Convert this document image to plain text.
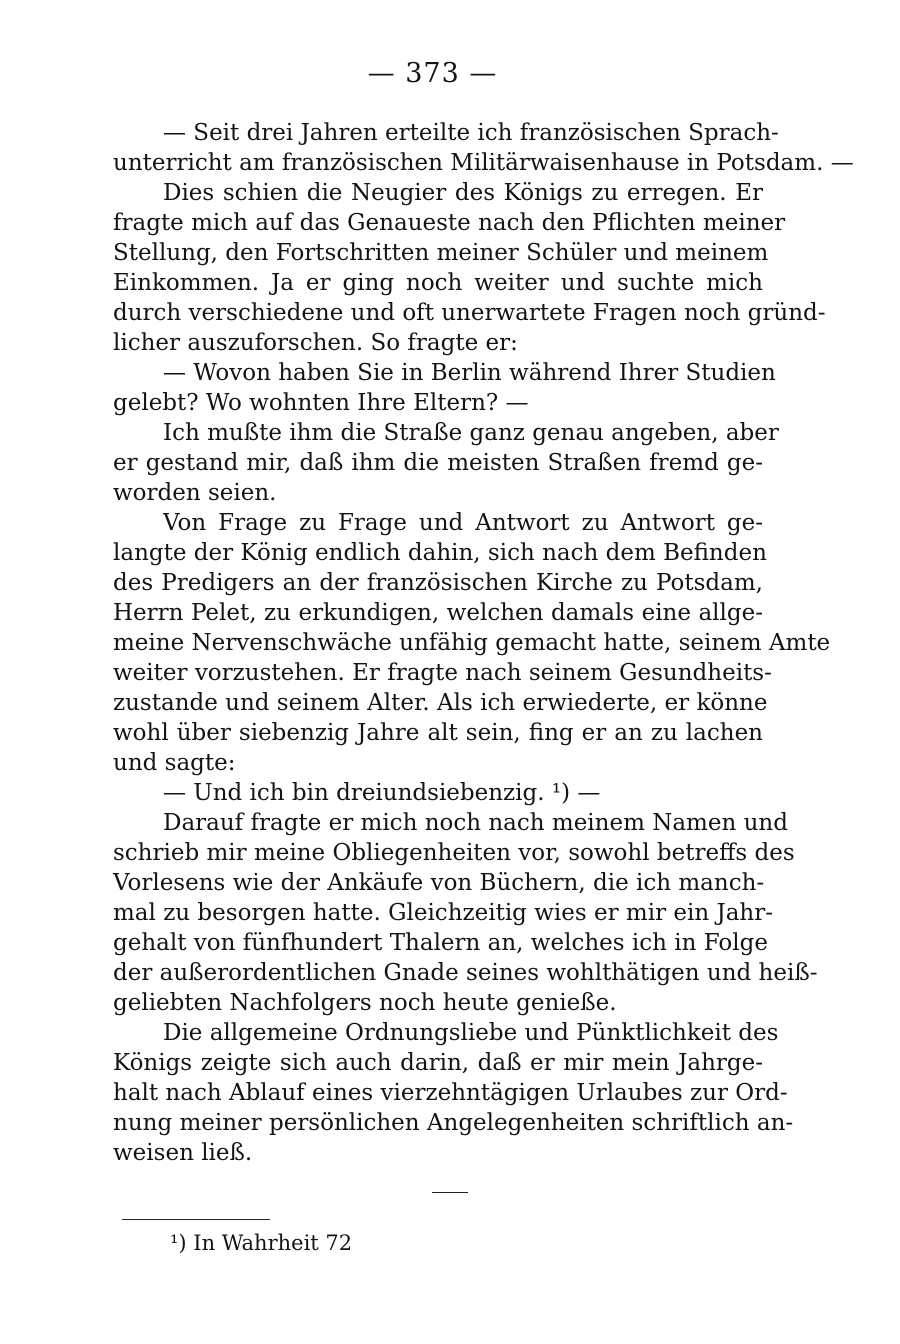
— 373 —
— Seit drei Jahren erteilte ich französischen Sprach-
unterricht am französischen Militärwaisenhause in Potsdam. —
Dies schien die Neugier des Königs zu erregen. Er
fragte mich auf das Genaueste nach den Pflichten meiner
Stellung, den Fortschritten meiner Schüler und meinem
Einkommen. Ja er ging noch weiter und suchte mich
durch verschiedene und oft unerwartete Fragen noch gründ-
licher auszuforschen. So fragte er:
— Wovon haben Sie in Berlin während Ihrer Studien
gelebt? Wo wohnten Ihre Eltern? —
Ich mußte ihm die Straße ganz genau angeben, aber
er gestand mir, daß ihm die meisten Straßen fremd ge-
worden seien.
Von Frage zu Frage und Antwort zu Antwort ge-
langte der König endlich dahin, sich nach dem Befinden
des Predigers an der französischen Kirche zu Potsdam,
Herrn Pelet, zu erkundigen, welchen damals eine allge-
meine Nervenschwäche unfähig gemacht hatte, seinem Amte
weiter vorzustehen. Er fragte nach seinem Gesundheits-
zustande und seinem Alter. Als ich erwiederte, er könne
wohl über siebenzig Jahre alt sein, fing er an zu lachen
und sagte:
— Und ich bin dreiundsiebenzig. ¹) —
Darauf fragte er mich noch nach meinem Namen und
schrieb mir meine Obliegenheiten vor, sowohl betreffs des
Vorlesens wie der Ankäufe von Büchern, die ich manch-
mal zu besorgen hatte. Gleichzeitig wies er mir ein Jahr-
gehalt von fünfhundert Thalern an, welches ich in Folge
der außerordentlichen Gnade seines wohlthätigen und heiß-
geliebten Nachfolgers noch heute genieße.
Die allgemeine Ordnungsliebe und Pünktlichkeit des
Königs zeigte sich auch darin, daß er mir mein Jahrge-
halt nach Ablauf eines vierzehntägigen Urlaubes zur Ord-
nung meiner persönlichen Angelegenheiten schriftlich an-
weisen ließ.
¹) In Wahrheit 72
